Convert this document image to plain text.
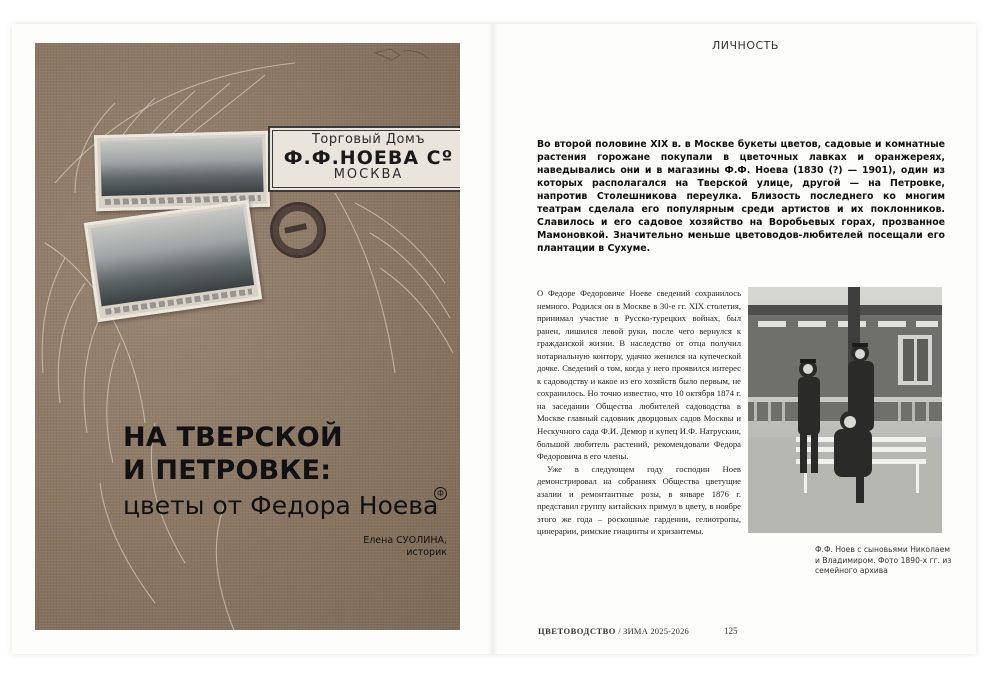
Торговый Домъ
Ф.Ф.НОЕВА Сº
МОСКВА
НА ТВЕРСКОЙ
И ПЕТРОВКЕ:
цветы от Федора Ноева
Ф
Елена СУОЛИНА,
историк
ЛИЧНОСТЬ
Во второй половине XIX в. в Москве букеты цветов, садовые и комнатные растения горожане покупали в цветочных лавках и оранжереях, наведывались они и в магазины Ф.Ф. Ноева (1830 (?) — 1901), один из которых располагался на Тверской улице, другой — на Петровке, напротив Столешникова переулка. Близость последнего ко многим театрам сделала его популярным среди артистов и их поклонников. Славилось и его садовое хозяйство на Воробьевых горах, прозванное Мамоновкой. Значительно меньше цветоводов-любителей посещали его плантации в Сухуме.

О Федоре Федоровиче Ноеве сведений сохранилось немного. Родился он в Москве в 30-е гг. XIX столетия, принимал участие в Русско-турецких войнах, был ранен, лишился левой руки, после чего вернулся к гражданской жизни. В наследство от отца получил нотариальную контору, удачно женился на купеческой дочке. Сведений о том, когда у него проявился интерес к садоводству и какое из его хозяйств было первым, не сохранилось. Но точно известно, что 10 октября 1874 г. на заседании Общества любителей садоводства в Москве главный садовник дворцовых садов Москвы и Нескучного сада Ф.И. Демюр и купец И.Ф. Натрускин, большой любитель растений, рекомендовали Федора Федоровича в его члены.

Уже в следующем году господин Ноев демонстрировал на собраниях Общества цветущие азалии и ремонтантные розы, в январе 1876 г. представил группу китайских примул в цвету, в ноябре этого же года – роскошные гардении, гелиотропы, цинерарии, римские гиацинты и хризантемы.

Ф.Ф. Ноев с сыновьями Николаем
и Владимиром. Фото 1890-х гг. из
семейного архива
ЦВЕТОВОДСТВО / ЗИМА 2025-2026	125
